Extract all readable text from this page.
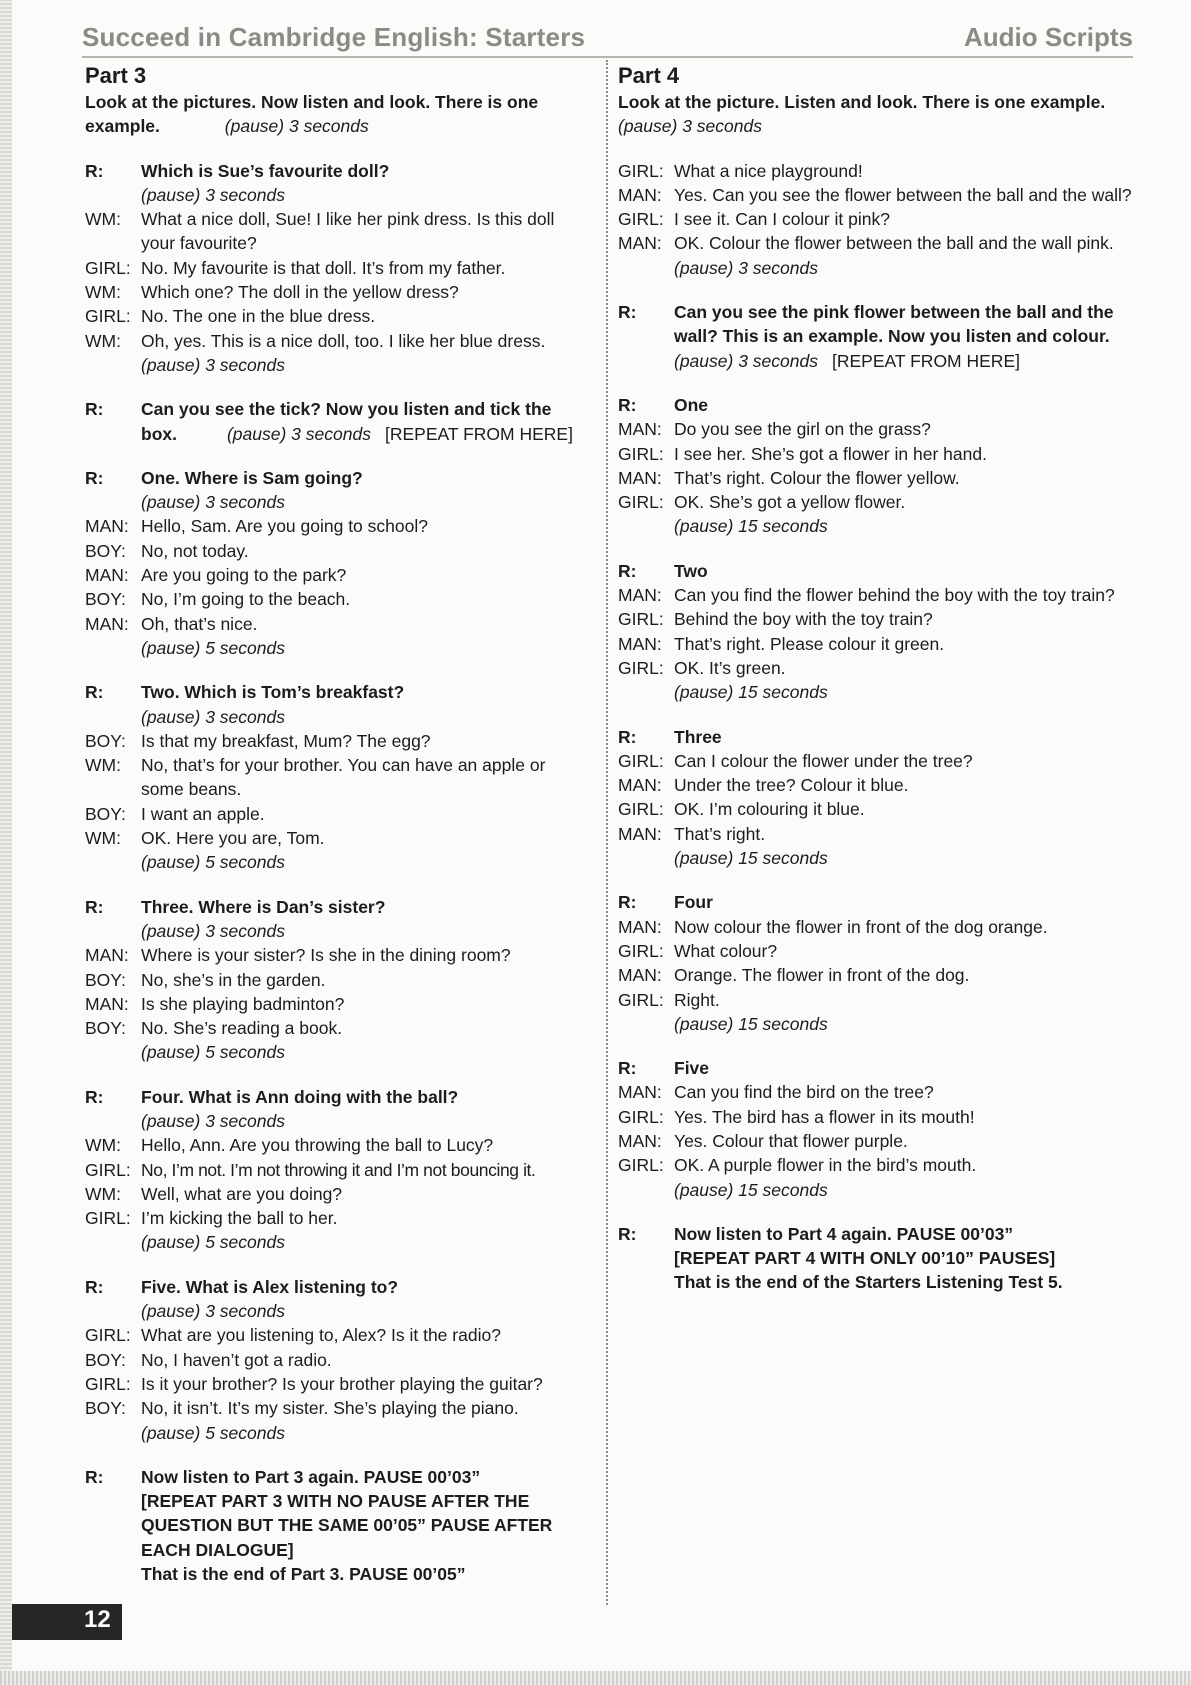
Succeed in Cambridge English: Starters	Audio Scripts
Part 3
Look at the pictures. Now listen and look. There is one example.	(pause) 3 seconds
R:	Which is Sue’s favourite doll?
(pause) 3 seconds
WM:	What a nice doll, Sue! I like her pink dress. Is this doll your favourite?
GIRL: No. My favourite is that doll. It’s from my father.
WM:	Which one? The doll in the yellow dress?
GIRL: No. The one in the blue dress.
WM:	Oh, yes. This is a nice doll, too. I like her blue dress.
(pause) 3 seconds
R:	Can you see the tick? Now you listen and tick the box.	(pause) 3 seconds [REPEAT FROM HERE]
R:	One. Where is Sam going?
(pause) 3 seconds
MAN: Hello, Sam. Are you going to school?
BOY: No, not today.
MAN: Are you going to the park?
BOY: No, I’m going to the beach.
MAN: Oh, that’s nice.
(pause) 5 seconds
R:	Two. Which is Tom’s breakfast?
(pause) 3 seconds
BOY: Is that my breakfast, Mum? The egg?
WM:	No, that’s for your brother. You can have an apple or some beans.
BOY: I want an apple.
WM:	OK. Here you are, Tom.
(pause) 5 seconds
R:	Three. Where is Dan’s sister?
(pause) 3 seconds
MAN: Where is your sister? Is she in the dining room?
BOY: No, she’s in the garden.
MAN: Is she playing badminton?
BOY: No. She’s reading a book.
(pause) 5 seconds
R:	Four. What is Ann doing with the ball?
(pause) 3 seconds
WM:	Hello, Ann. Are you throwing the ball to Lucy?
GIRL: No, I’m not. I’m not throwing it and I’m not bouncing it.
WM:	Well, what are you doing?
GIRL: I’m kicking the ball to her.
(pause) 5 seconds
R:	Five. What is Alex listening to?
(pause) 3 seconds
GIRL: What are you listening to, Alex? Is it the radio?
BOY: No, I haven’t got a radio.
GIRL: Is it your brother? Is your brother playing the guitar?
BOY: No, it isn’t. It’s my sister. She’s playing the piano.
(pause) 5 seconds
R:	Now listen to Part 3 again. PAUSE 00’03”
[REPEAT PART 3 WITH NO PAUSE AFTER THE QUESTION BUT THE SAME 00’05” PAUSE AFTER EACH DIALOGUE]
That is the end of Part 3. PAUSE 00’05”
Part 4
Look at the picture. Listen and look. There is one example.
(pause) 3 seconds
GIRL: What a nice playground!
MAN: Yes. Can you see the flower between the ball and the wall?
GIRL: I see it. Can I colour it pink?
MAN: OK. Colour the flower between the ball and the wall pink.
(pause) 3 seconds
R:	Can you see the pink flower between the ball and the wall? This is an example. Now you listen and colour.
(pause) 3 seconds [REPEAT FROM HERE]
R:	One
MAN: Do you see the girl on the grass?
GIRL: I see her. She’s got a flower in her hand.
MAN: That’s right. Colour the flower yellow.
GIRL: OK. She’s got a yellow flower.
(pause) 15 seconds
R:	Two
MAN: Can you find the flower behind the boy with the toy train?
GIRL: Behind the boy with the toy train?
MAN: That’s right. Please colour it green.
GIRL: OK. It’s green.
(pause) 15 seconds
R:	Three
GIRL: Can I colour the flower under the tree?
MAN: Under the tree? Colour it blue.
GIRL: OK. I’m colouring it blue.
MAN: That’s right.
(pause) 15 seconds
R:	Four
MAN: Now colour the flower in front of the dog orange.
GIRL: What colour?
MAN: Orange. The flower in front of the dog.
GIRL: Right.
(pause) 15 seconds
R:	Five
MAN: Can you find the bird on the tree?
GIRL: Yes. The bird has a flower in its mouth!
MAN: Yes. Colour that flower purple.
GIRL: OK. A purple flower in the bird’s mouth.
(pause) 15 seconds
R:	Now listen to Part 4 again. PAUSE 00’03”
[REPEAT PART 4 WITH ONLY 00’10” PAUSES]
That is the end of the Starters Listening Test 5.
12
